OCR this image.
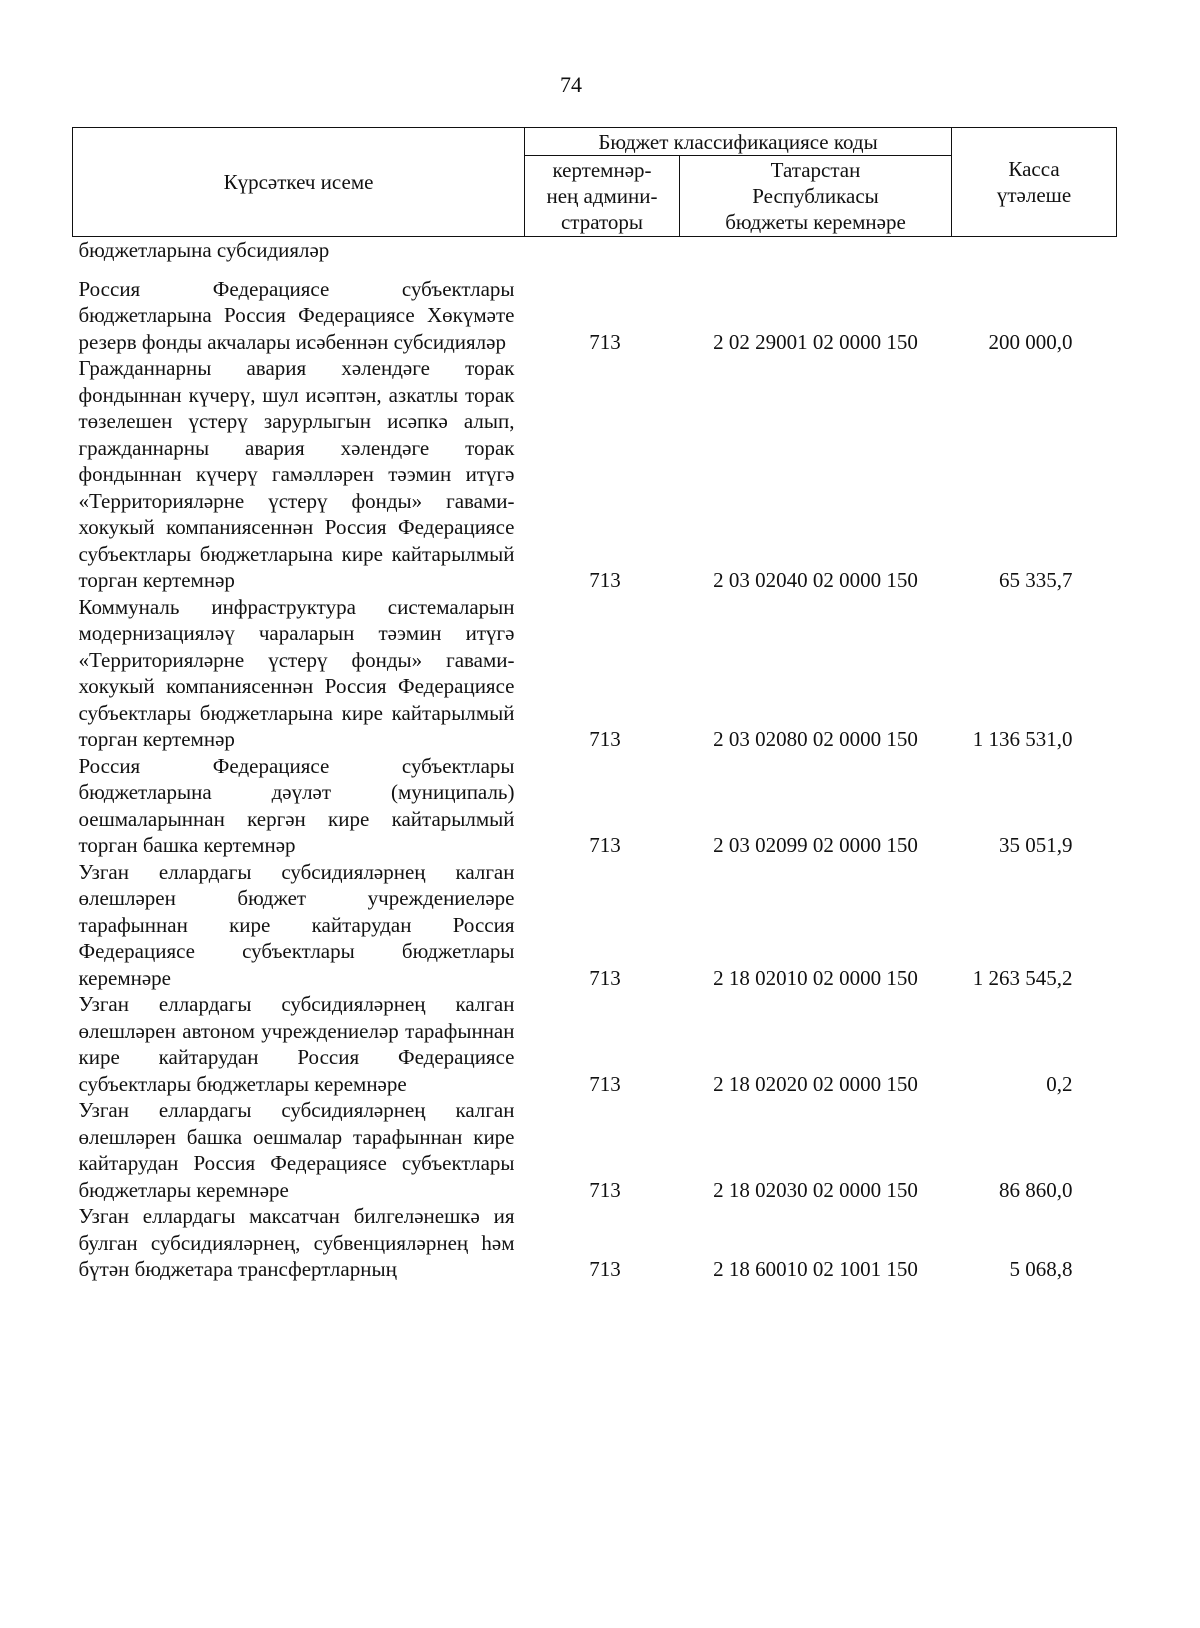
74
Күрсәткеч исеме	Бюджет классификациясе коды		Касса
үтәлеше
	кертемнәр-
нең админи-
страторы	Татарстан
Республикасы
бюджеты керемнәре	
бюджетларына субсидияләр			

Россия Федерациясе субъектлары бюджетларына Россия Федерациясе Хөкүмәте резерв фонды акчалары исәбеннән субсидияләр	713	2 02 29001 02 0000 150	200 000,0
Гражданнарны авария хәлендәге торак фондыннан күчерү, шул исәптән, азкатлы торак төзелешен үстерү зарурлыгын исәпкә алып, гражданнарны авария хәлендәге торак фондыннан күчерү гамәлләрен тәэмин итүгә «Территорияләрне үстерү фонды» гавами-хокукый компаниясеннән Россия Федерациясе субъектлары бюджетларына кире кайтарылмый торган кертемнәр	713	2 03 02040 02 0000 150	65 335,7
Коммуналь инфраструктура системаларын модернизацияләү чараларын тәэмин итүгә «Территорияләрне үстерү фонды» гавами-хокукый компаниясеннән Россия Федерациясе субъектлары бюджетларына кире кайтарылмый торган кертемнәр	713	2 03 02080 02 0000 150	1 136 531,0
Россия Федерациясе субъектлары бюджетларына дәүләт (муниципаль) оешмаларыннан кергән кире кайтарылмый торган башка кертемнәр	713	2 03 02099 02 0000 150	35 051,9
Узган еллардагы субсидияләрнең калган өлешләрен бюджет учреждениеләре тарафыннан кире кайтарудан Россия Федерациясе субъектлары бюджетлары керемнәре	713	2 18 02010 02 0000 150	1 263 545,2
Узган еллардагы субсидияләрнең калган өлешләрен автоном учреждениеләр тарафыннан кире кайтарудан Россия Федерациясе субъектлары бюджетлары керемнәре	713	2 18 02020 02 0000 150	0,2
Узган еллардагы субсидияләрнең калган өлешләрен башка оешмалар тарафыннан кире кайтарудан Россия Федерациясе субъектлары бюджетлары керемнәре	713	2 18 02030 02 0000 150	86 860,0
Узган еллардагы максатчан билгеләнешкә ия булган субсидияләрнең, субвенцияләрнең һәм бүтән бюджетара трансфертларның	713	2 18 60010 02 1001 150	5 068,8
